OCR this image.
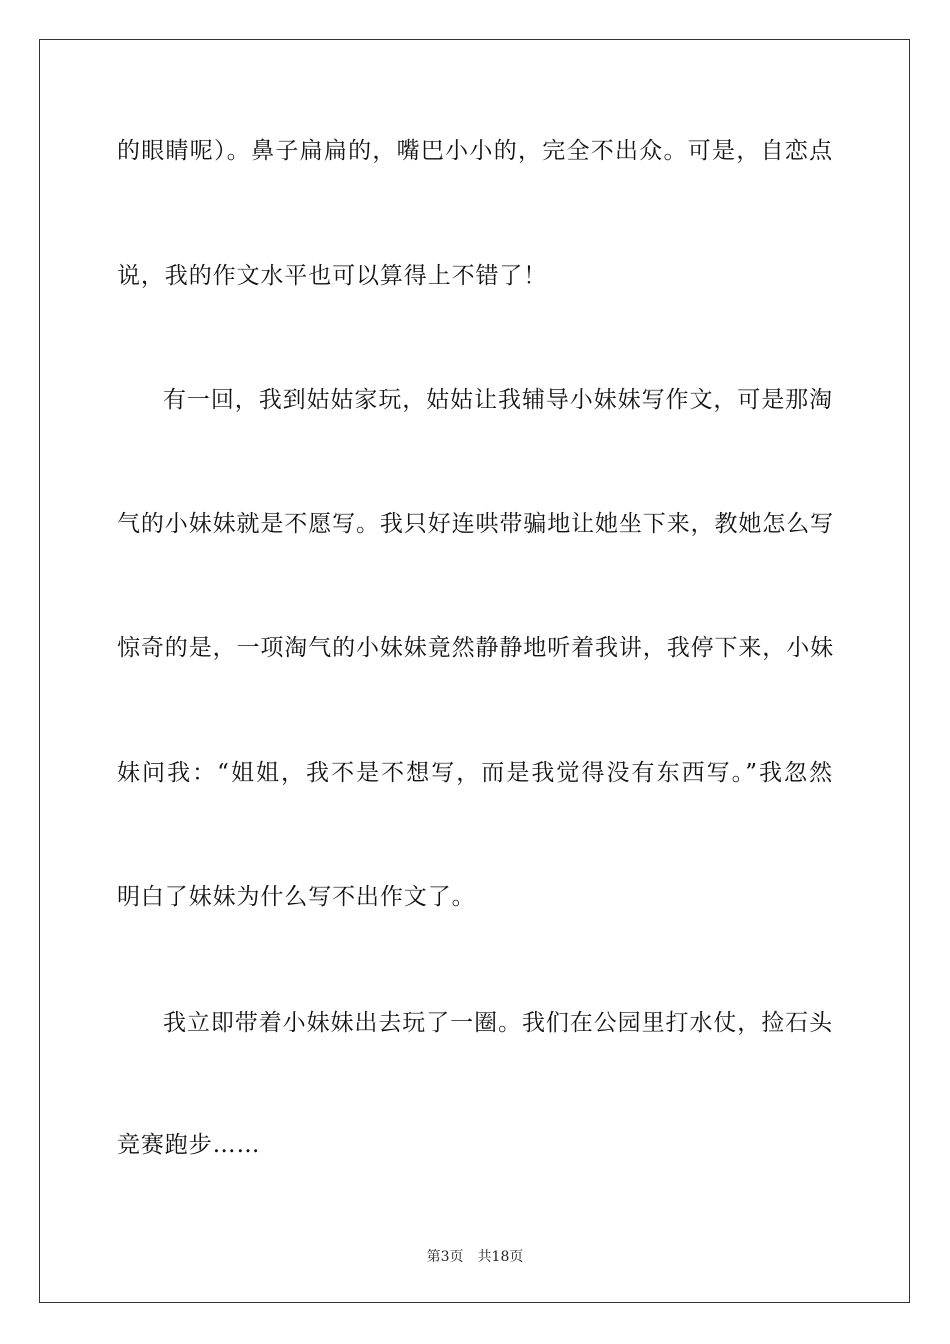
的眼睛呢）。鼻子扁扁的，嘴巴小小的，完全不出众。可是，自恋点
说，我的作文水平也可以算得上不错了！
有一回，我到姑姑家玩，姑姑让我辅导小妹妹写作文，可是那淘
气的小妹妹就是不愿写。我只好连哄带骗地让她坐下来，教她怎么写
惊奇的是，一项淘气的小妹妹竟然静静地听着我讲，我停下来，小妹
妹问我：“姐姐，我不是不想写，而是我觉得没有东西写。”我忽然
明白了妹妹为什么写不出作文了。
我立即带着小妹妹出去玩了一圈。我们在公园里打水仗，捡石头
竞赛跑步……
第3页 共18页
